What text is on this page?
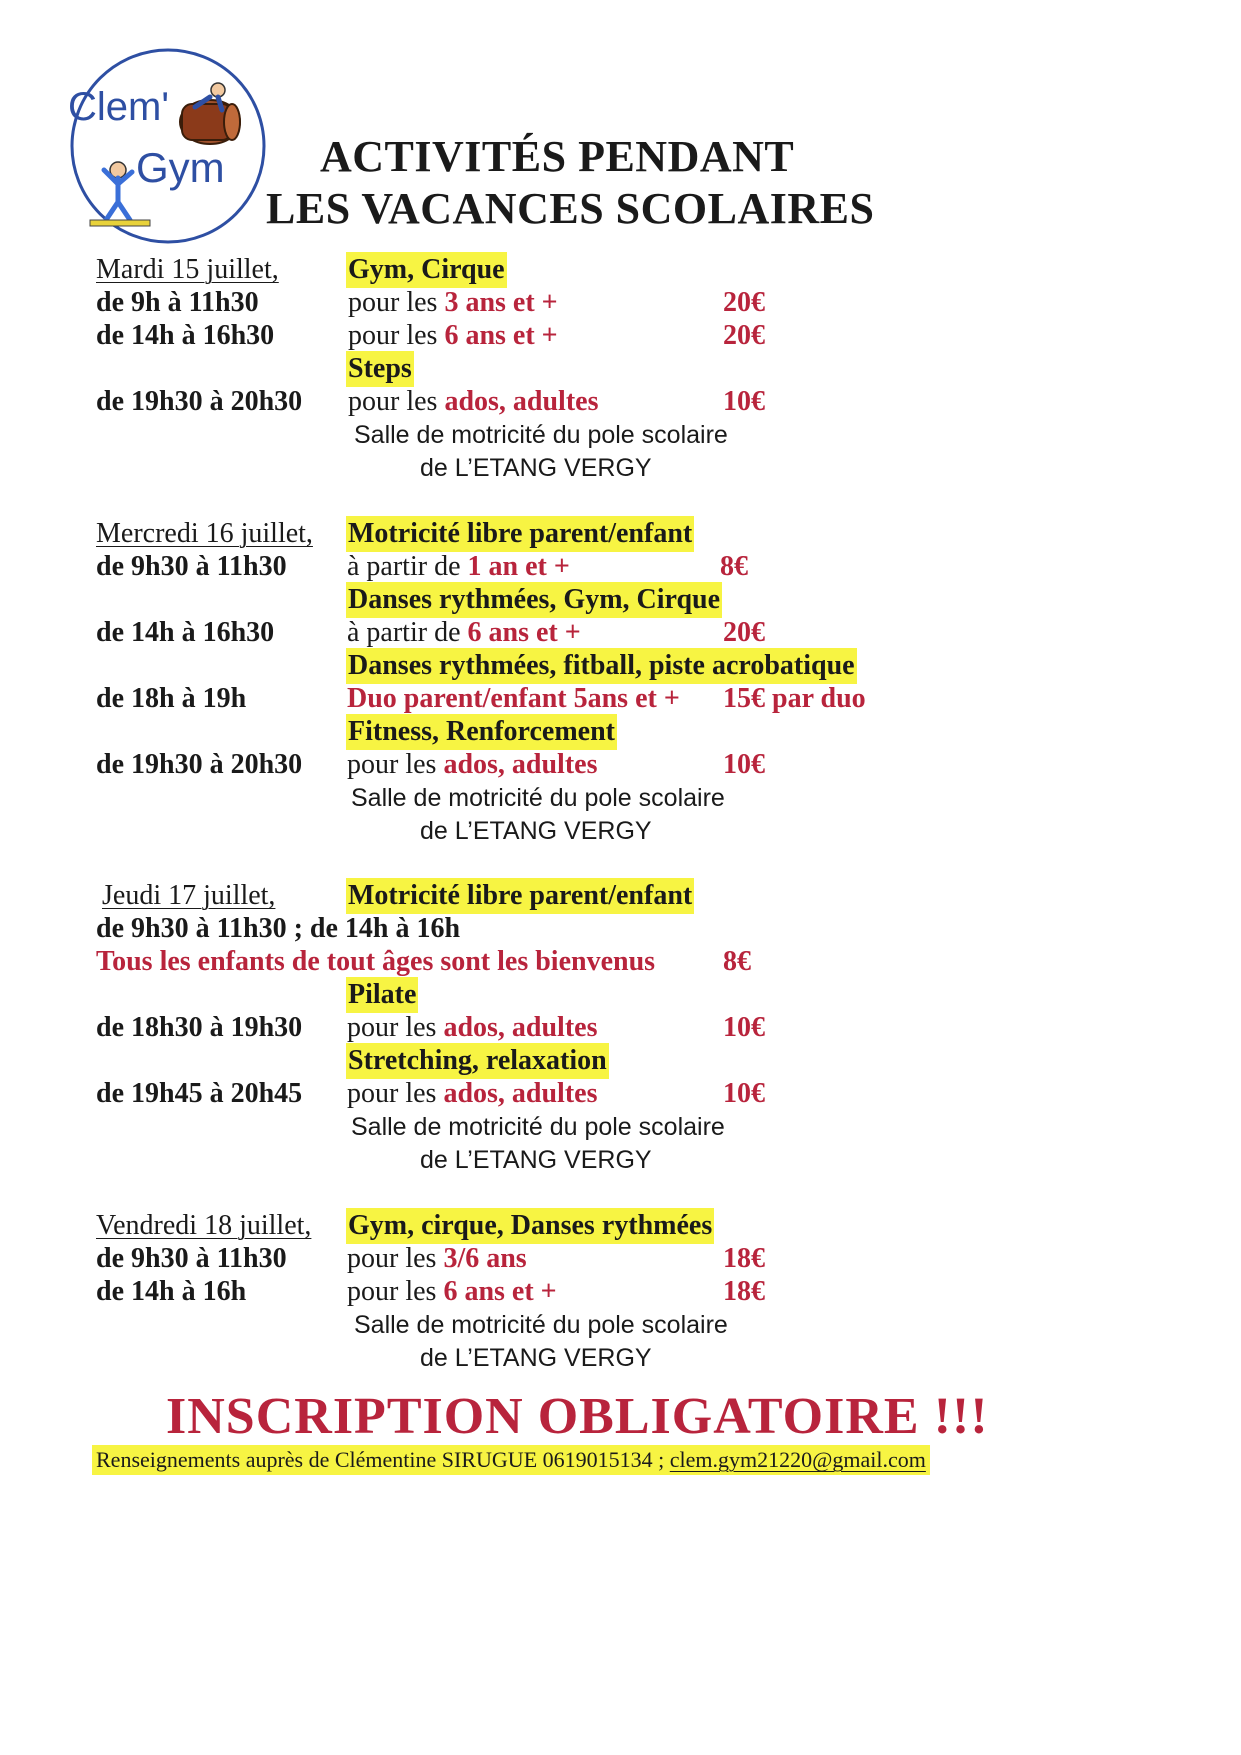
Clem'
Gym ACTIVITÉS PENDANT
LES VACANCES SCOLAIRES
Mardi 15 juillet, Gym, Cirque
de 9h à 11h30	pour les 3 ans et +	20€
de 14h à 16h30	pour les 6 ans et +	20€
Steps
de 19h30 à 20h30 pour les ados, adultes	10€
Salle de motricité du pole scolaire
de L’ETANG VERGY
Mercredi 16 juillet, Motricité libre parent/enfant
de 9h30 à 11h30 à partir de 1 an et +	8€
Danses rythmées, Gym, Cirque
de 14h à 16h30	à partir de 6 ans et +	20€
Danses rythmées, fitball, piste acrobatique
de 18h à 19h	Duo parent/enfant 5ans et + 15€ par duo
Fitness, Renforcement
de 19h30 à 20h30 pour les ados, adultes	10€
Salle de motricité du pole scolaire
de L’ETANG VERGY
Jeudi 17 juillet,	Motricité libre parent/enfant
de 9h30 à 11h30 ; de 14h à 16h
Tous les enfants de tout âges sont les bienvenus 8€
Pilate
de 18h30 à 19h30 pour les ados, adultes	10€
Stretching, relaxation
de 19h45 à 20h45 pour les ados, adultes	10€
Salle de motricité du pole scolaire
de L’ETANG VERGY
Vendredi 18 juillet, Gym, cirque, Danses rythmées
de 9h30 à 11h30 pour les 3/6 ans	18€
de 14h à 16h	pour les 6 ans et +	18€
Salle de motricité du pole scolaire
de L’ETANG VERGY
INSCRIPTION OBLIGATOIRE !!!
Renseignements auprès de Clémentine SIRUGUE 0619015134 ; clem.gym21220@gmail.com
